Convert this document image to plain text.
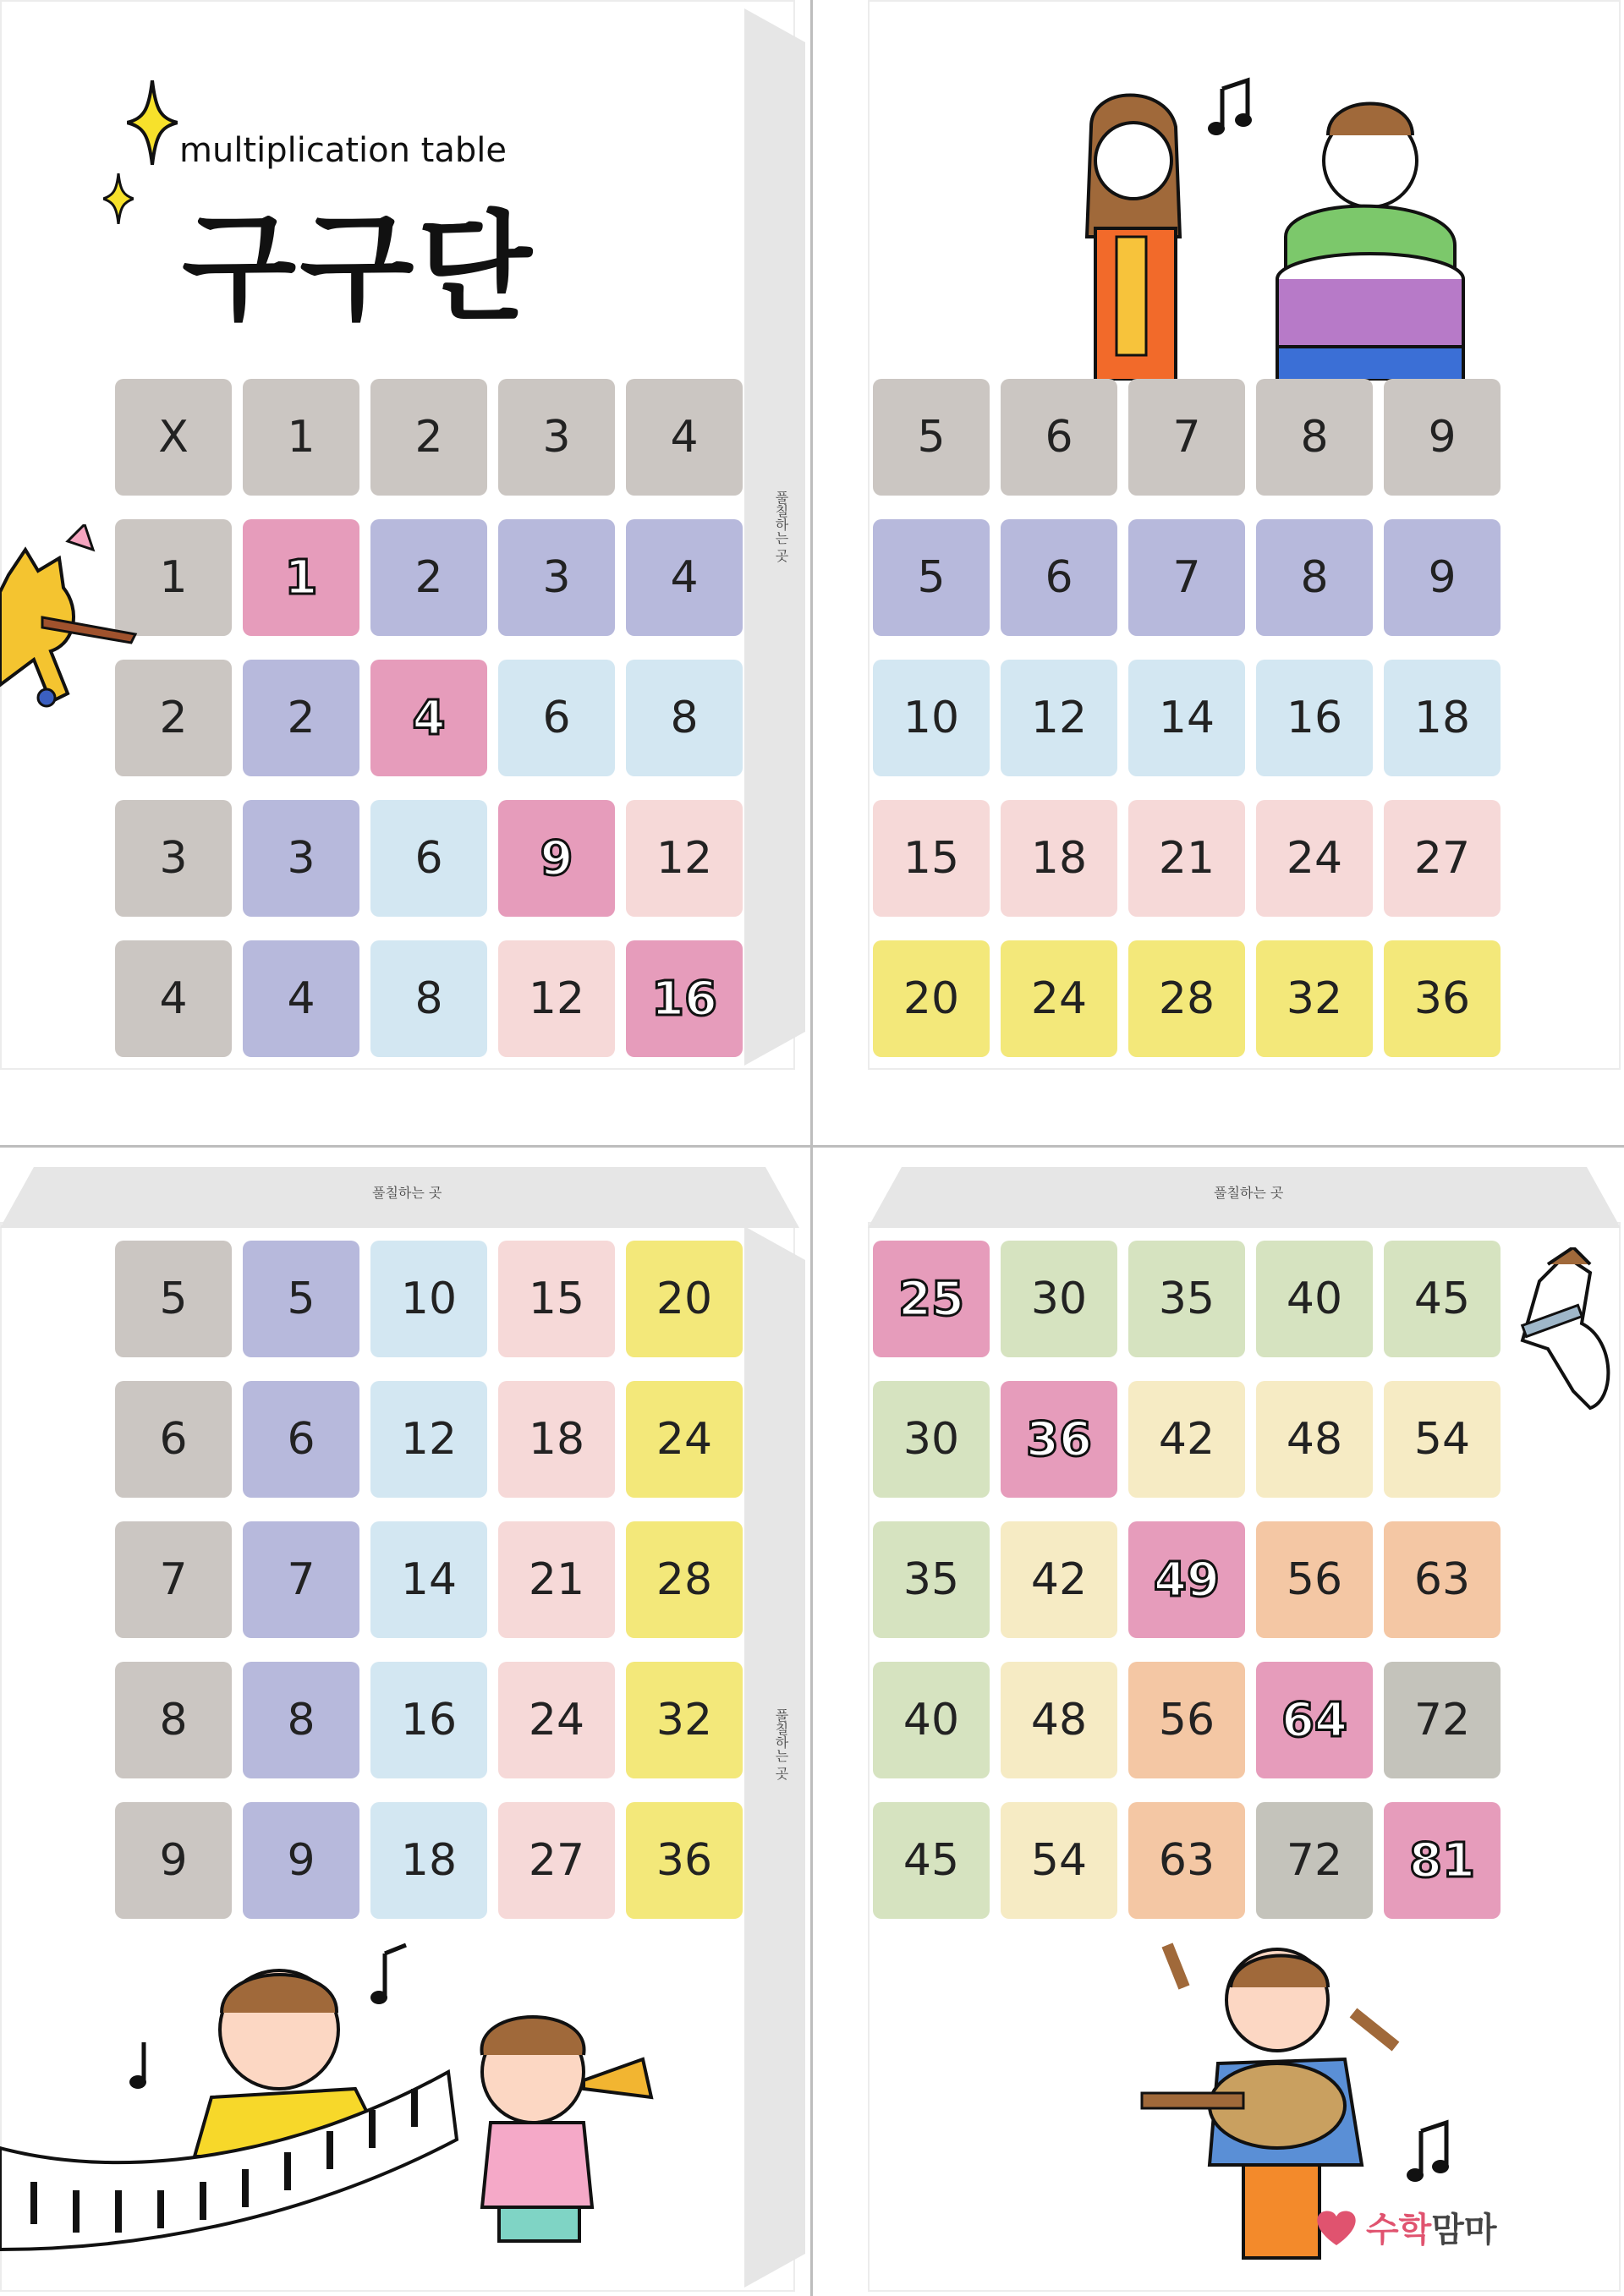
풀칠하는 곳
multiplication table
구구단
X	1	2	3	4
1	1	2	3	4
2	2	4	6	8
3	3	6	9	12
4	4	8	12	16
5	6	7	8	9
5	6	7	8	9
10	12	14	16	18
15	18	21	24	27
20	24	28	32	36
풀칠하는 곳
풀칠하는 곳
5	5	10	15	20
6	6	12	18	24
7	7	14	21	28
8	8	16	24	32
9	9	18	27	36
풀칠하는 곳
25	30	35	40	45
30	36	42	48	54
35	42	49	56	63
40	48	56	64	72
45	54	63	72	81
수학맘마
